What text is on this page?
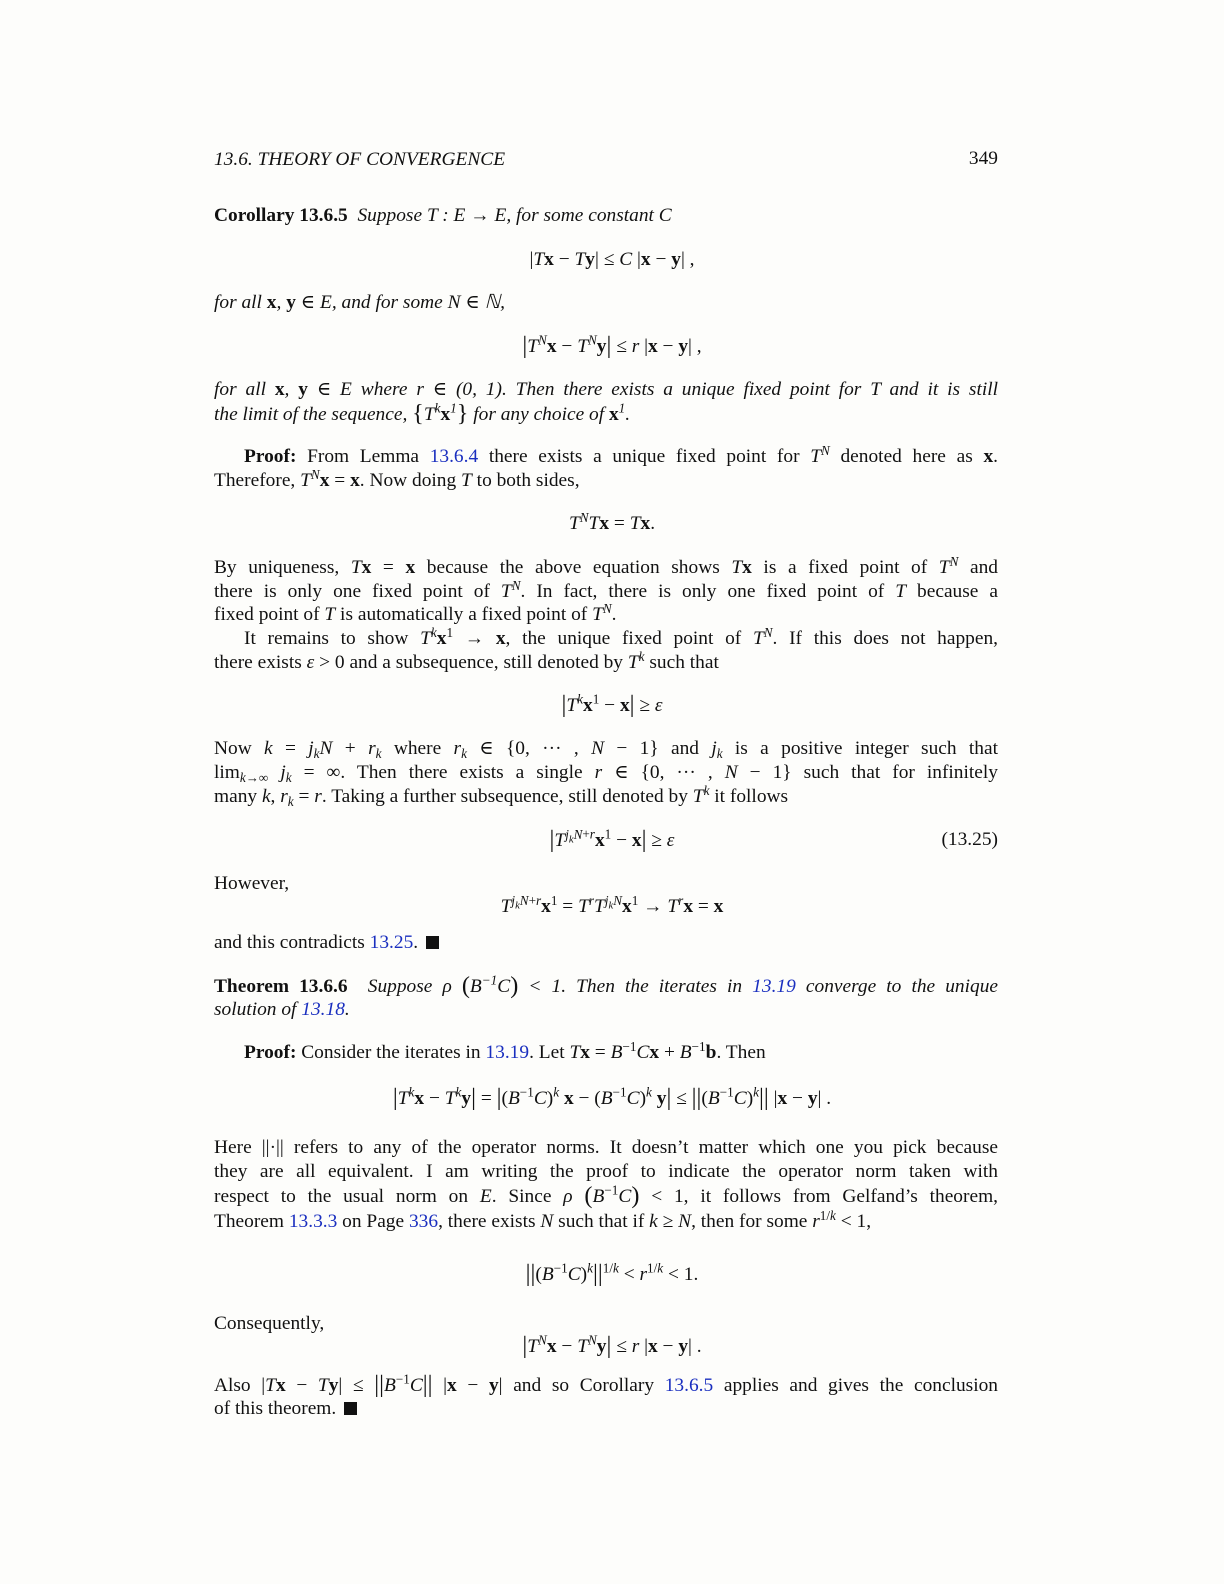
13.6. THEORY OF CONVERGENCE	349
Corollary 13.6.5  Suppose T : E → E, for some constant C
|Tx − Ty| ≤ C |x − y| ,
for all x, y ∈ E, and for some N ∈ ℕ,
$|T^Nx - T^Ny| \le r$ |x − y| ,
for all x, y ∈ E where r ∈ (0, 1). Then there exists a unique fixed point for T and it is still
the limit of the sequence, $\{T^kx^1\}$ for any choice of $x^1$.
Proof: From Lemma 13.6.4 there exists a unique fixed point for $T^N$ denoted here as x.
Therefore, $T^Nx = x$. Now doing T to both sides,
$T^NTx = Tx$.
By uniqueness, Tx = x because the above equation shows Tx is a fixed point of $T^N$ and
there is only one fixed point of $T^N$. In fact, there is only one fixed point of T because a
fixed point of T is automatically a fixed point of $T^N$.
It remains to show $T^kx^1 \to x$, the unique fixed point of $T^N$. If this does not happen,
there exists ε > 0 and a subsequence, still denoted by $T^k$ such that
$|T^kx^1 - x| \ge \varepsilon$
Now $k = j_kN + r_k$ where $r_k$ ∈ {0, ··· , N − 1} and $j_k$ is a positive integer such that
$\lim_{k\to\infty} j_k$ = ∞. Then there exists a single r ∈ {0, ··· , N − 1} such that for infinitely
many k, $r_k = r$. Taking a further subsequence, still denoted by $T^k$ it follows
$|T^{j_kN+r}x^1 - x| \ge \varepsilon$	(13.25)
However,
$T^{j_kN+r}x^1 = T^rT^{j_kN}x^1 \to T^rx = x$
and this contradicts 13.25.
Theorem 13.6.6  Suppose ρ $(B^{-1}C) < 1$. Then the iterates in 13.19 converge to the unique
solution of 13.18.
Proof: Consider the iterates in 13.19. Let $Tx = B^{-1}Cx + B^{-1}b$. Then
$|T^kx - T^ky| = |(B^{-1}C)^k$ $x - (B^{-1}C)^k$ $y| \le ||(B^{-1}C)^k||$ |x − y| .
Here ||·|| refers to any of the operator norms. It doesn’t matter which one you pick because
they are all equivalent. I am writing the proof to indicate the operator norm taken with
respect to the usual norm on E. Since ρ $(B^{-1}C) < 1$, it follows from Gelfand’s theorem,
Theorem 13.3.3 on Page 336, there exists N such that if k ≥ N, then for some $r^{1/k} < 1$,
$||(B^{-1}C)^k||^{1/k} < r^{1/k} < 1$.
Consequently,
$|T^Nx - T^Ny| \le r$ |x − y| .
Also $|Tx - Ty| \le ||B^{-1}C||$ |x − y| and so Corollary 13.6.5 applies and gives the conclusion
of this theorem.
